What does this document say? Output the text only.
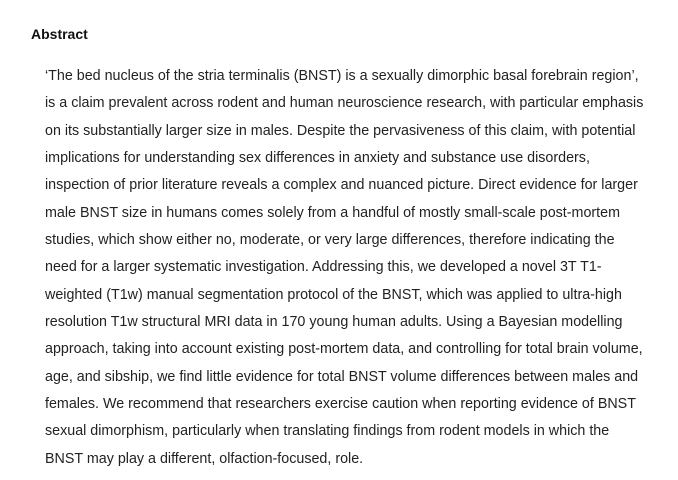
Abstract
‘The bed nucleus of the stria terminalis (BNST) is a sexually dimorphic basal forebrain region’,
is a claim prevalent across rodent and human neuroscience research, with particular emphasis
on its substantially larger size in males. Despite the pervasiveness of this claim, with potential
implications for understanding sex differences in anxiety and substance use disorders,
inspection of prior literature reveals a complex and nuanced picture. Direct evidence for larger
male BNST size in humans comes solely from a handful of mostly small-scale post-mortem
studies, which show either no, moderate, or very large differences, therefore indicating the
need for a larger systematic investigation. Addressing this, we developed a novel 3T T1-
weighted (T1w) manual segmentation protocol of the BNST, which was applied to ultra-high
resolution T1w structural MRI data in 170 young human adults. Using a Bayesian modelling
approach, taking into account existing post-mortem data, and controlling for total brain volume,
age, and sibship, we find little evidence for total BNST volume differences between males and
females. We recommend that researchers exercise caution when reporting evidence of BNST
sexual dimorphism, particularly when translating findings from rodent models in which the
BNST may play a different, olfaction-focused, role.
